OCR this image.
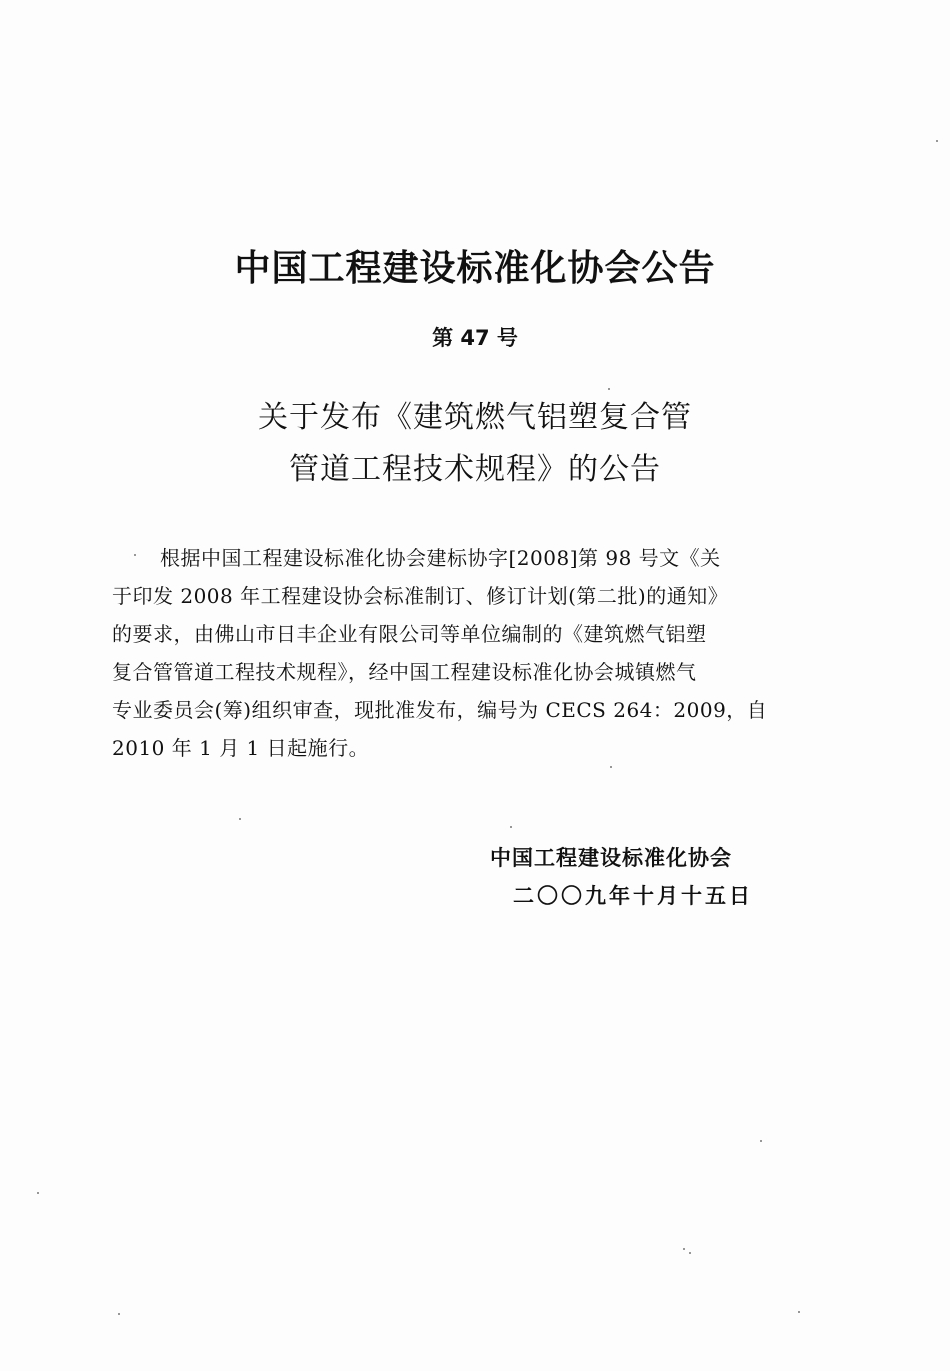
中国工程建设标准化协会公告
第 47 号
关于发布《建筑燃气铝塑复合管
管道工程技术规程》的公告
根据中国工程建设标准化协会建标协字[2008]第 98 号文《关
于印发 2008 年工程建设协会标准制订、修订计划(第二批)的通知》
的要求，由佛山市日丰企业有限公司等单位编制的《建筑燃气铝塑
复合管管道工程技术规程》，经中国工程建设标准化协会城镇燃气
专业委员会(筹)组织审查，现批准发布，编号为 CECS 264：2009，自
2010 年 1 月 1 日起施行。
中国工程建设标准化协会
二〇〇九年十月十五日
